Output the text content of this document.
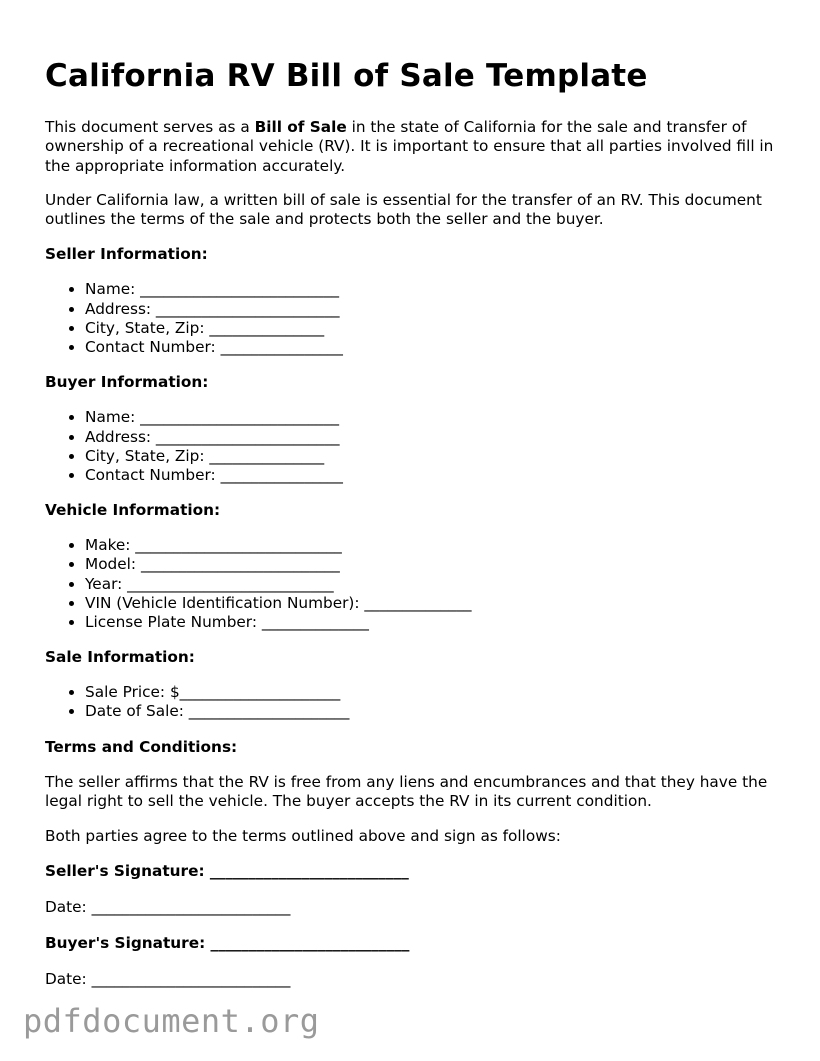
California RV Bill of Sale Template

This document serves as a Bill of Sale in the state of California for the sale and transfer of ownership of a recreational vehicle (RV). It is important to ensure that all parties involved fill in the appropriate information accurately.

Under California law, a written bill of sale is essential for the transfer of an RV. This document outlines the terms of the sale and protects both the seller and the buyer.

Seller Information:
• Name: __________________________
• Address: ________________________
• City, State, Zip: _______________
• Contact Number: ________________
Buyer Information:
• Name: __________________________
• Address: ________________________
• City, State, Zip: _______________
• Contact Number: ________________
Vehicle Information:
• Make: ___________________________
• Model: __________________________
• Year: ___________________________
• VIN (Vehicle Identification Number): ______________
• License Plate Number: ______________
Sale Information:
• Sale Price: $_____________________
• Date of Sale: _____________________
Terms and Conditions:

The seller affirms that the RV is free from any liens and encumbrances and that they have the legal right to sell the vehicle. The buyer accepts the RV in its current condition.

Both parties agree to the terms outlined above and sign as follows:

Seller's Signature: __________________________
Date: __________________________
Buyer's Signature: __________________________
Date: __________________________
pdfdocument.org
